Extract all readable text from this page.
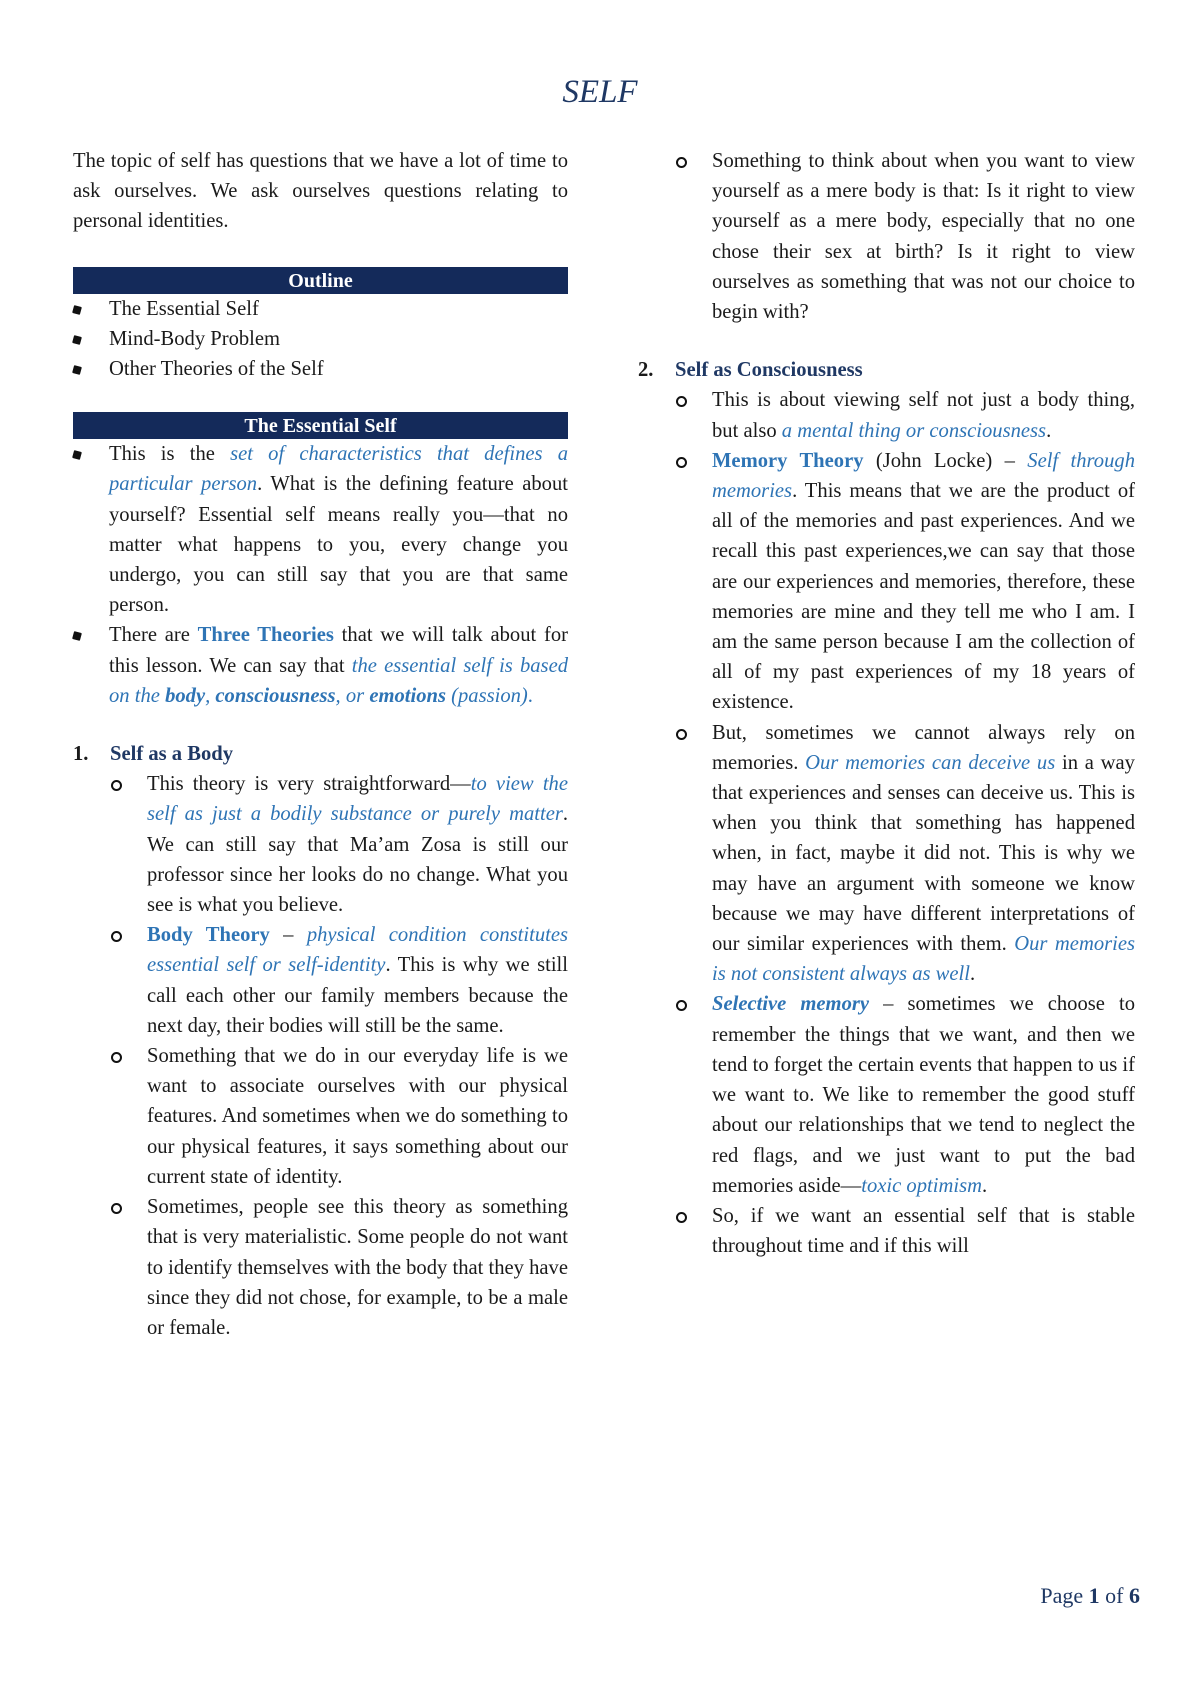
SELF

The topic of self has questions that we have a lot of time to ask ourselves. We ask ourselves questions relating to personal identities.

Outline
The Essential Self
Mind-Body Problem
Other Theories of the Self
The Essential Self
This is the set of characteristics that defines a particular person. What is the defining feature about yourself? Essential self means really you—that no matter what happens to you, every change you undergo, you can still say that you are that same person.
There are Three Theories that we will talk about for this lesson. We can say that the essential self is based on the body, consciousness, or emotions (passion).
1. Self as a Body
This theory is very straightforward—to view the self as just a bodily substance or purely matter. We can still say that Ma’am Zosa is still our professor since her looks do no change. What you see is what you believe.
Body Theory – physical condition constitutes essential self or self-identity. This is why we still call each other our family members because the next day, their bodies will still be the same.
Something that we do in our everyday life is we want to associate ourselves with our physical features. And sometimes when we do something to our physical features, it says something about our current state of identity.
Sometimes, people see this theory as something that is very materialistic. Some people do not want to identify themselves with the body that they have since they did not chose, for example, to be a male or female.
Something to think about when you want to view yourself as a mere body is that: Is it right to view yourself as a mere body, especially that no one chose their sex at birth? Is it right to view ourselves as something that was not our choice to begin with?
2. Self as Consciousness
This is about viewing self not just a body thing, but also a mental thing or consciousness.
Memory Theory (John Locke) – Self through memories. This means that we are the product of all of the memories and past experiences. And we recall this past experiences,we can say that those are our experiences and memories, therefore, these memories are mine and they tell me who I am. I am the same person because I am the collection of all of my past experiences of my 18 years of existence.
But, sometimes we cannot always rely on memories. Our memories can deceive us in a way that experiences and senses can deceive us. This is when you think that something has happened when, in fact, maybe it did not. This is why we may have an argument with someone we know because we may have different interpretations of our similar experiences with them. Our memories is not consistent always as well.
Selective memory – sometimes we choose to remember the things that we want, and then we tend to forget the certain events that happen to us if we want to. We like to remember the good stuff about our relationships that we tend to neglect the red flags, and we just want to put the bad memories aside—toxic optimism.
So, if we want an essential self that is stable throughout time and if this will
Page 1 of 6
